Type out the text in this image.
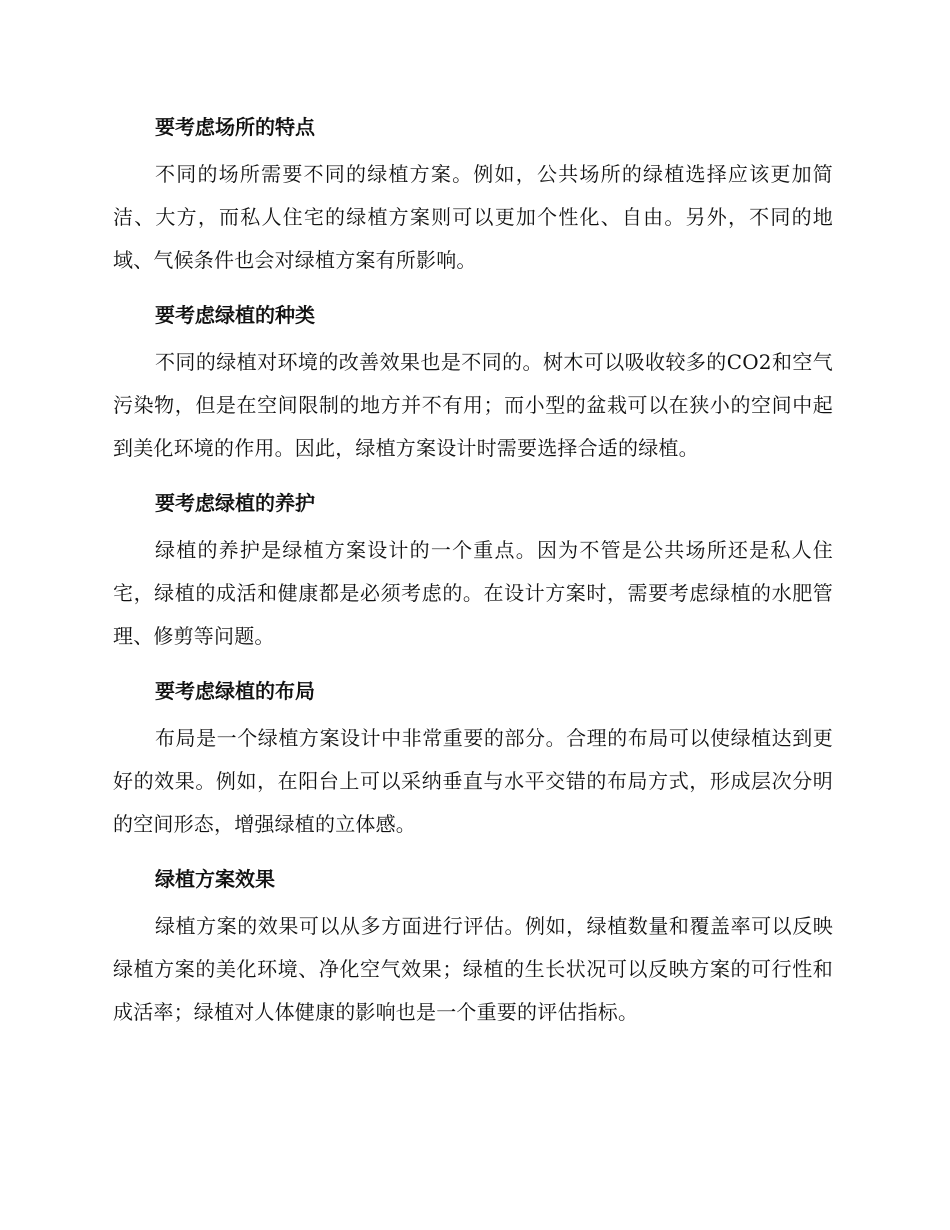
要考虑场所的特点

不同的场所需要不同的绿植方案。例如，公共场所的绿植选择应该更加简洁、大方，而私人住宅的绿植方案则可以更加个性化、自由。另外，不同的地域、气候条件也会对绿植方案有所影响。

要考虑绿植的种类

不同的绿植对环境的改善效果也是不同的。树木可以吸收较多的CO2和空气污染物，但是在空间限制的地方并不有用；而小型的盆栽可以在狭小的空间中起到美化环境的作用。因此，绿植方案设计时需要选择合适的绿植。

要考虑绿植的养护

绿植的养护是绿植方案设计的一个重点。因为不管是公共场所还是私人住宅，绿植的成活和健康都是必须考虑的。在设计方案时，需要考虑绿植的水肥管理、修剪等问题。

要考虑绿植的布局

布局是一个绿植方案设计中非常重要的部分。合理的布局可以使绿植达到更好的效果。例如，在阳台上可以采纳垂直与水平交错的布局方式，形成层次分明的空间形态，增强绿植的立体感。

绿植方案效果

绿植方案的效果可以从多方面进行评估。例如，绿植数量和覆盖率可以反映绿植方案的美化环境、净化空气效果；绿植的生长状况可以反映方案的可行性和成活率；绿植对人体健康的影响也是一个重要的评估指标。
